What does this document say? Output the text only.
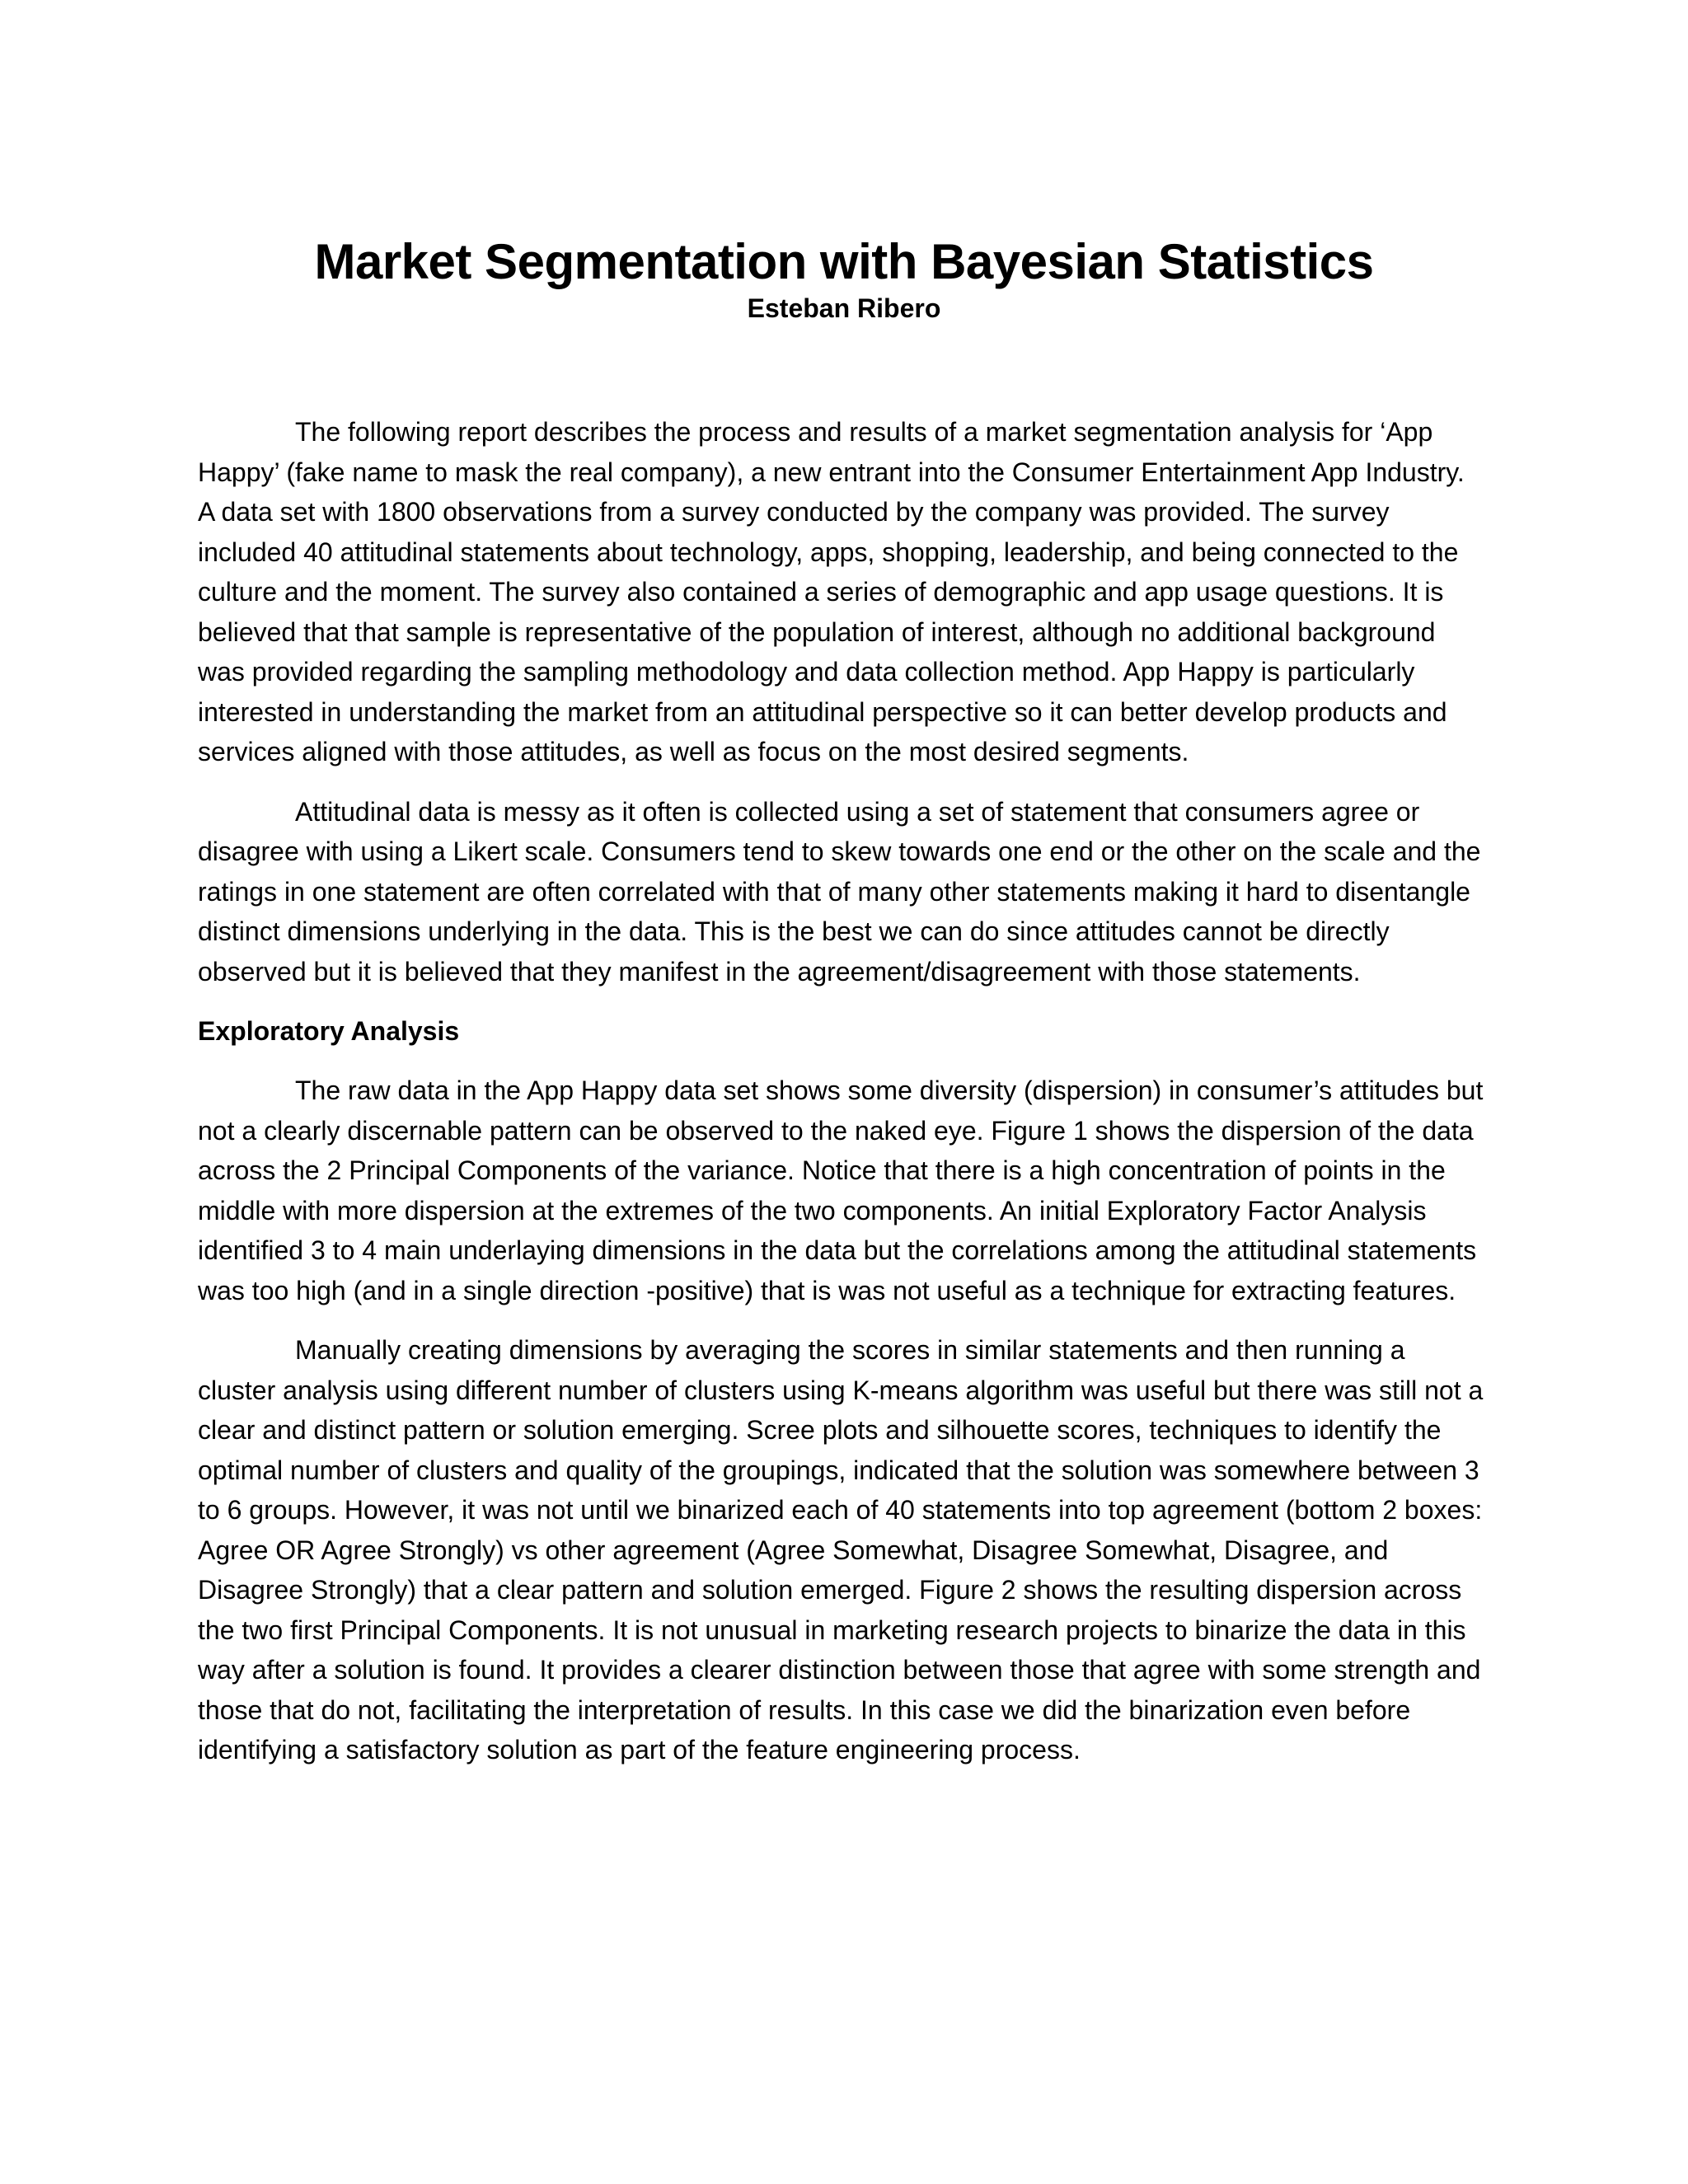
Market Segmentation with Bayesian Statistics
Esteban Ribero

The following report describes the process and results of a market segmentation analysis for ‘App Happy’ (fake name to mask the real company), a new entrant into the Consumer Entertainment App Industry. A data set with 1800 observations from a survey conducted by the company was provided. The survey included 40 attitudinal statements about technology, apps, shopping, leadership, and being connected to the culture and the moment. The survey also contained a series of demographic and app usage questions. It is believed that that sample is representative of the population of interest, although no additional background was provided regarding the sampling methodology and data collection method. App Happy is particularly interested in understanding the market from an attitudinal perspective so it can better develop products and services aligned with those attitudes, as well as focus on the most desired segments.

Attitudinal data is messy as it often is collected using a set of statement that consumers agree or disagree with using a Likert scale. Consumers tend to skew towards one end or the other on the scale and the ratings in one statement are often correlated with that of many other statements making it hard to disentangle distinct dimensions underlying in the data. This is the best we can do since attitudes cannot be directly observed but it is believed that they manifest in the agreement/disagreement with those statements.

Exploratory Analysis

The raw data in the App Happy data set shows some diversity (dispersion) in consumer’s attitudes but not a clearly discernable pattern can be observed to the naked eye. Figure 1 shows the dispersion of the data across the 2 Principal Components of the variance. Notice that there is a high concentration of points in the middle with more dispersion at the extremes of the two components. An initial Exploratory Factor Analysis identified 3 to 4 main underlaying dimensions in the data but the correlations among the attitudinal statements was too high (and in a single direction -positive) that is was not useful as a technique for extracting features.

Manually creating dimensions by averaging the scores in similar statements and then running a cluster analysis using different number of clusters using K-means algorithm was useful but there was still not a clear and distinct pattern or solution emerging. Scree plots and silhouette scores, techniques to identify the optimal number of clusters and quality of the groupings, indicated that the solution was somewhere between 3 to 6 groups. However, it was not until we binarized each of 40 statements into top agreement (bottom 2 boxes: Agree OR Agree Strongly) vs other agreement (Agree Somewhat, Disagree Somewhat, Disagree, and Disagree Strongly) that a clear pattern and solution emerged. Figure 2 shows the resulting dispersion across the two first Principal Components. It is not unusual in marketing research projects to binarize the data in this way after a solution is found. It provides a clearer distinction between those that agree with some strength and those that do not, facilitating the interpretation of results. In this case we did the binarization even before identifying a satisfactory solution as part of the feature engineering process.
